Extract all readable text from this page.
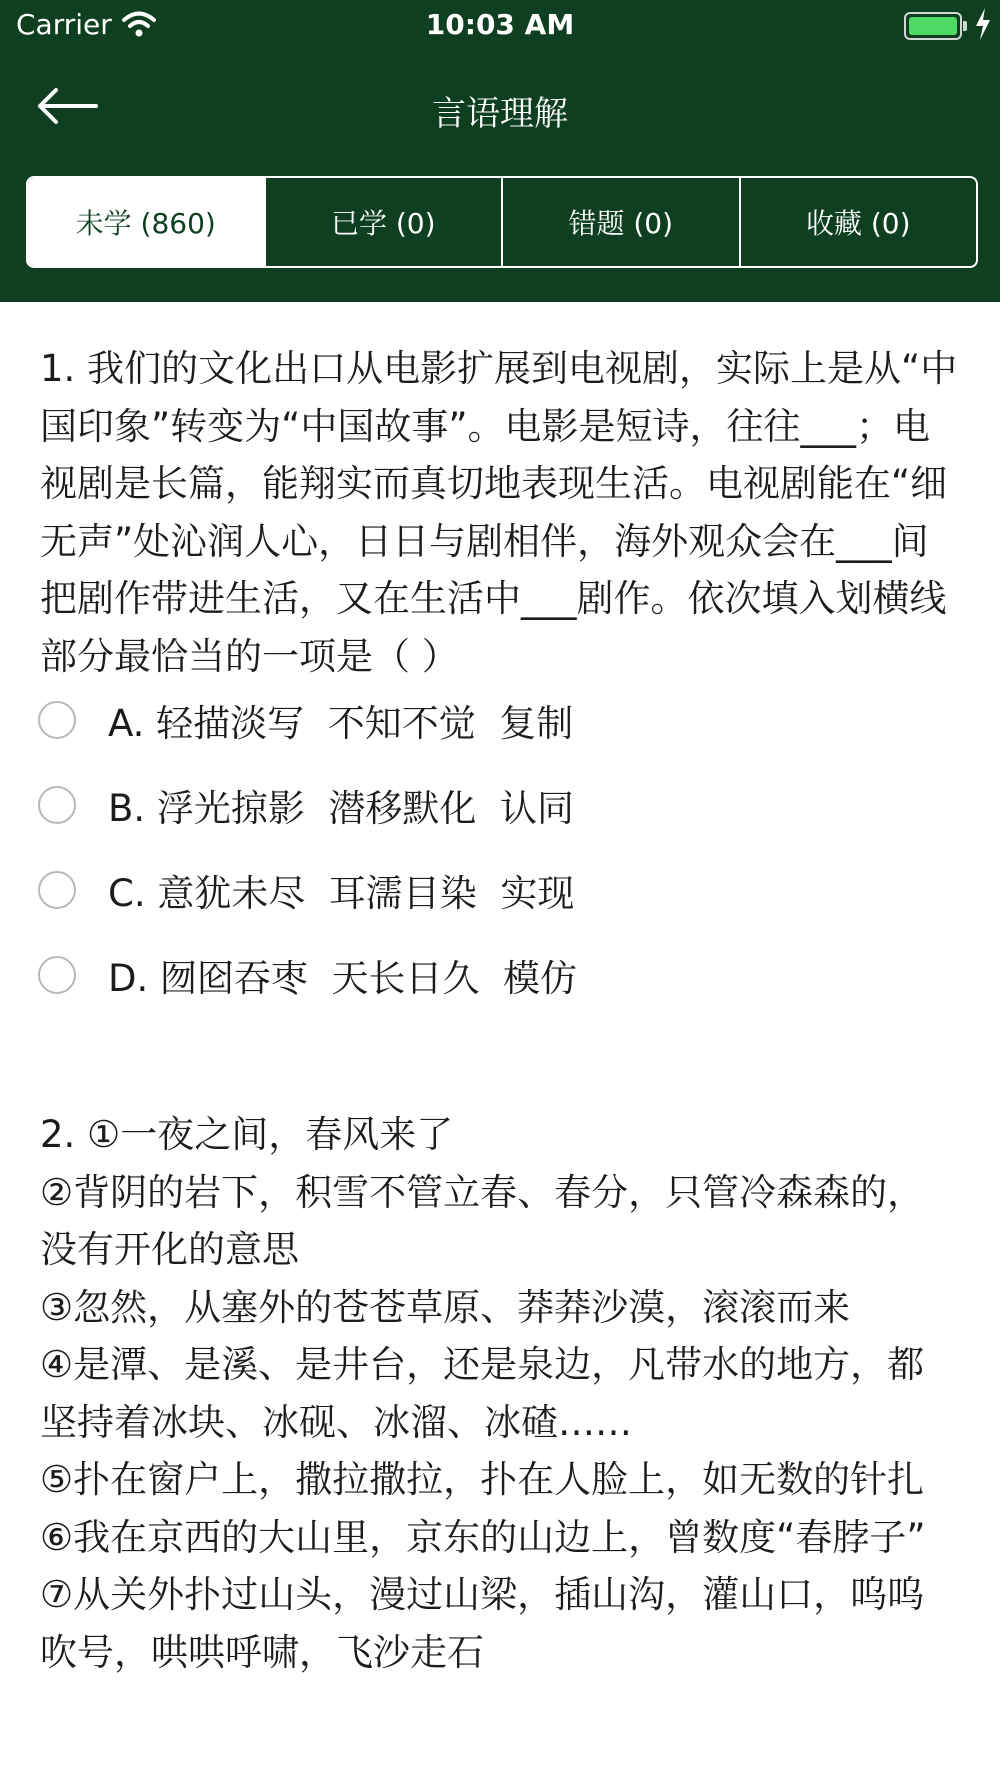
Carrier	10:03 AM
言语理解
未学 (860)	已学 (0)	错题 (0)	收藏 (0)
1. 我们的文化出口从电影扩展到电视剧，实际上是从“中国印象”转变为“中国故事”。电影是短诗，往往___；电视剧是长篇，能翔实而真切地表现生活。电视剧能在“细无声”处沁润人心，日日与剧相伴，海外观众会在___间把剧作带进生活，又在生活中___剧作。依次填入划横线部分最恰当的一项是（ ）
A. 轻描淡写  不知不觉  复制
B. 浮光掠影  潜移默化  认同
C. 意犹未尽  耳濡目染  实现
D. 囫囵吞枣  天长日久  模仿
2. ①一夜之间，春风来了
②背阴的岩下，积雪不管立春、春分，只管冷森森的，没有开化的意思
③忽然，从塞外的苍苍草原、莽莽沙漠，滚滚而来
④是潭、是溪、是井台，还是泉边，凡带水的地方，都坚持着冰块、冰砚、冰溜、冰碴……
⑤扑在窗户上，撒拉撒拉，扑在人脸上，如无数的针扎
⑥我在京西的大山里，京东的山边上，曾数度“春脖子”
⑦从关外扑过山头，漫过山梁，插山沟，灌山口，呜呜吹号，哄哄呼啸，飞沙走石
